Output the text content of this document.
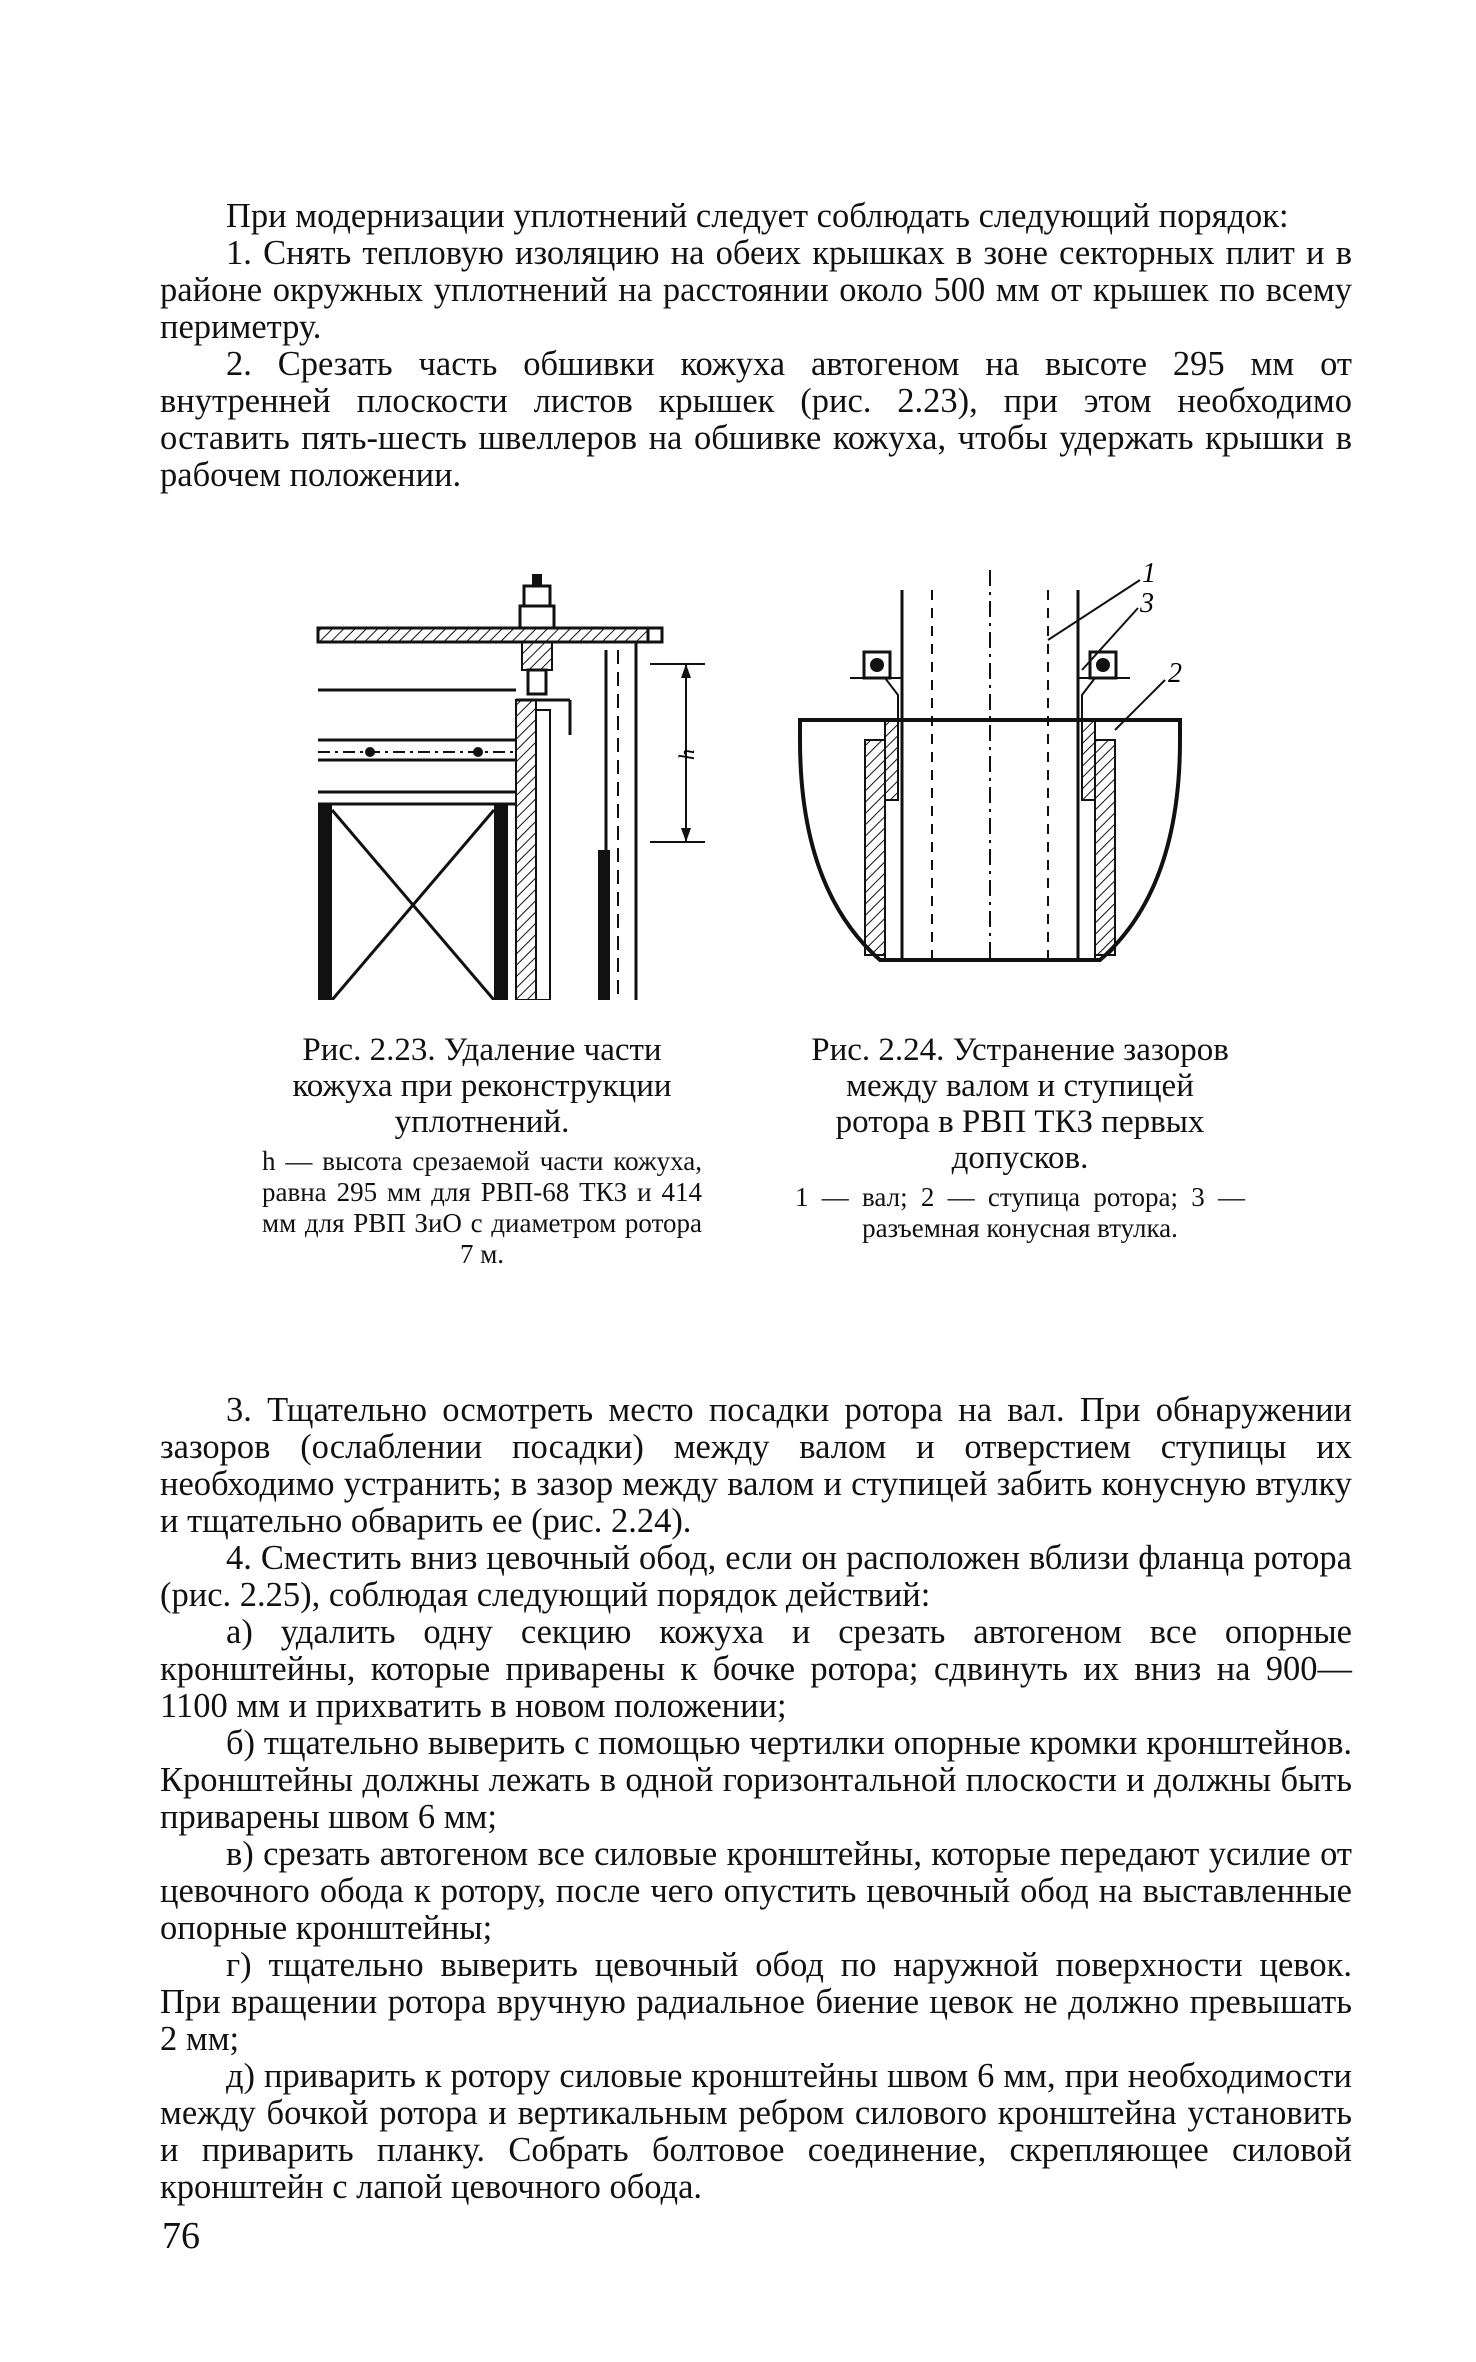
При модернизации уплотнений следует соблюдать следующий порядок:

1. Снять тепловую изоляцию на обеих крышках в зоне секторных плит и в районе окружных уплотнений на расстоянии около 500 мм от крышек по всему периметру.

2. Срезать часть обшивки кожуха автогеном на высоте 295 мм от внутренней плоскости листов крышек (рис. 2.23), при этом необходимо оставить пять-шесть швеллеров на обшивке кожуха, чтобы удержать крышки в рабочем положении.

h

Рис. 2.23. Удаление части кожуха при реконструкции уплотнений.

h — высота срезаемой части кожуха, равна 295 мм для РВП-68 ТКЗ и 414 мм для РВП ЗиО с диаметром ротора 7 м.

1
3
2

Рис. 2.24. Устранение зазоров между валом и ступицей ротора в РВП ТКЗ первых допусков.

1 — вал; 2 — ступица ротора; 3 — разъемная конусная втулка.

3. Тщательно осмотреть место посадки ротора на вал. При обнаружении зазоров (ослаблении посадки) между валом и отверстием ступицы их необходимо устранить; в зазор между валом и ступицей забить конусную втулку и тщательно обварить ее (рис. 2.24).

4. Сместить вниз цевочный обод, если он расположен вблизи фланца ротора (рис. 2.25), соблюдая следующий порядок действий:

а) удалить одну секцию кожуха и срезать автогеном все опорные кронштейны, которые приварены к бочке ротора; сдвинуть их вниз на 900—1100 мм и прихватить в новом положении;

б) тщательно выверить с помощью чертилки опорные кромки кронштейнов. Кронштейны должны лежать в одной горизонтальной плоскости и должны быть приварены швом 6 мм;

в) срезать автогеном все силовые кронштейны, которые передают усилие от цевочного обода к ротору, после чего опустить цевочный обод на выставленные опорные кронштейны;

г) тщательно выверить цевочный обод по наружной поверхности цевок. При вращении ротора вручную радиальное биение цевок не должно превышать 2 мм;

д) приварить к ротору силовые кронштейны швом 6 мм, при необходимости между бочкой ротора и вертикальным ребром силового кронштейна установить и приварить планку. Собрать болтовое соединение, скрепляющее силовой кронштейн с лапой цевочного обода.

76
